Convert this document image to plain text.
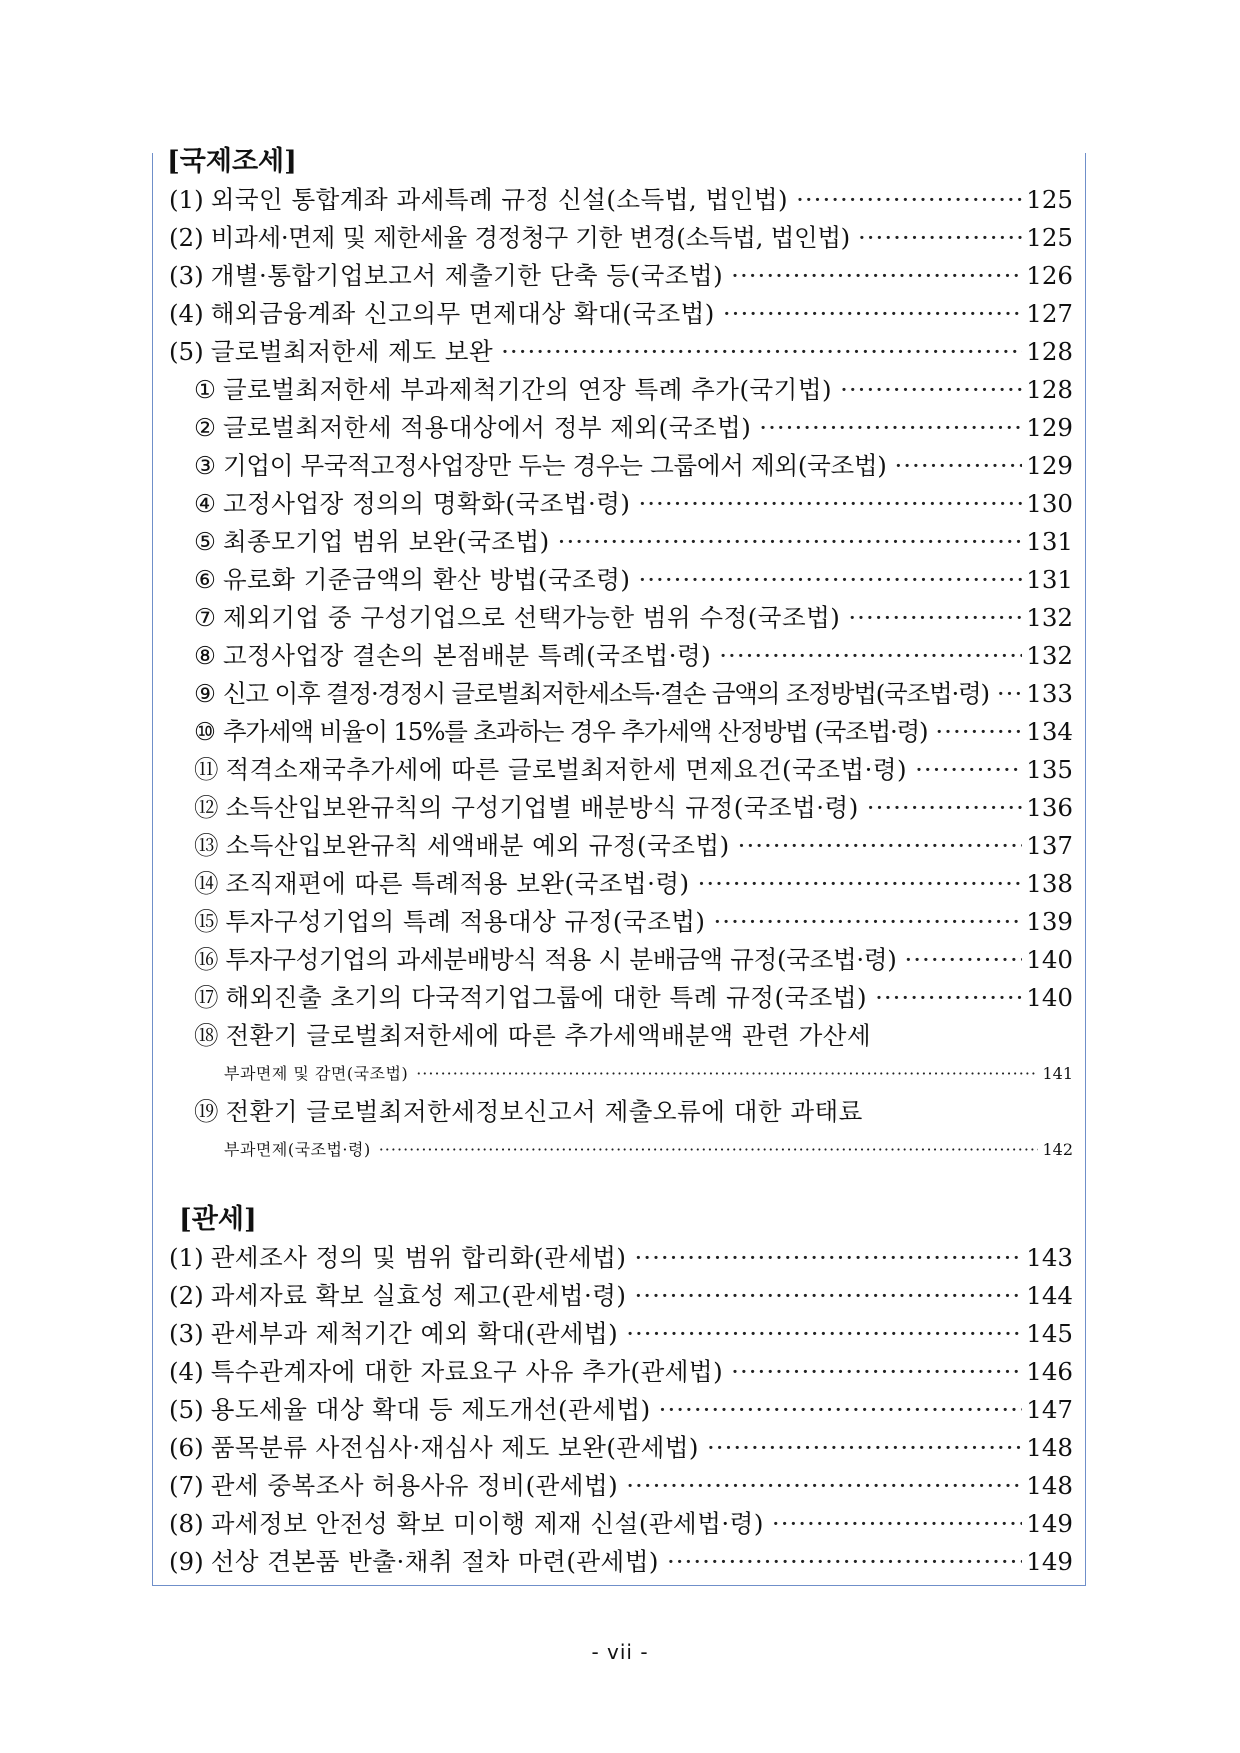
[국제조세]
(1) 외국인 통합계좌 과세특례 규정 신설(소득법, 법인법) ·····	125
(2) 비과세·면제 및 제한세율 경정청구 기한 변경(소득법, 법인법) ·····	125
(3) 개별·통합기업보고서 제출기한 단축 등(국조법) ·····	126
(4) 해외금융계좌 신고의무 면제대상 확대(국조법) ·····	127
(5) 글로벌최저한세 제도 보완 ·····	128
① 글로벌최저한세 부과제척기간의 연장 특례 추가(국기법) ·····	128
② 글로벌최저한세 적용대상에서 정부 제외(국조법) ·····	129
③ 기업이 무국적고정사업장만 두는 경우는 그룹에서 제외(국조법) ·····	129
④ 고정사업장 정의의 명확화(국조법·령) ·····	130
⑤ 최종모기업 범위 보완(국조법) ·····	131
⑥ 유로화 기준금액의 환산 방법(국조령) ·····	131
⑦ 제외기업 중 구성기업으로 선택가능한 범위 수정(국조법) ·····	132
⑧ 고정사업장 결손의 본점배분 특례(국조법·령) ·····	132
⑨ 신고 이후 결정·경정시 글로벌최저한세소득·결손 금액의 조정방법(국조법·령) ····· 133
⑩ 추가세액 비율이 15%를 초과하는 경우 추가세액 산정방법 (국조법·령) ·····	134
⑪ 적격소재국추가세에 따른 글로벌최저한세 면제요건(국조법·령) ·····	135
⑫ 소득산입보완규칙의 구성기업별 배분방식 규정(국조법·령) ·····	136
⑬ 소득산입보완규칙 세액배분 예외 규정(국조법) ·····	137
⑭ 조직재편에 따른 특례적용 보완(국조법·령) ·····	138
⑮ 투자구성기업의 특례 적용대상 규정(국조법) ·····	139
⑯ 투자구성기업의 과세분배방식 적용 시 분배금액 규정(국조법·령) ·····	140
⑰ 해외진출 초기의 다국적기업그룹에 대한 특례 규정(국조법) ·····	140
⑱ 전환기 글로벌최저한세에 따른 추가세액배분액 관련 가산세
부과면제 및 감면(국조법) ·····	141
⑲ 전환기 글로벌최저한세정보신고서 제출오류에 대한 과태료
부과면제(국조법·령) ·····	142
[관세]
(1) 관세조사 정의 및 범위 합리화(관세법) ·····	143
(2) 과세자료 확보 실효성 제고(관세법·령) ·····	144
(3) 관세부과 제척기간 예외 확대(관세법) ·····	145
(4) 특수관계자에 대한 자료요구 사유 추가(관세법) ·····	146
(5) 용도세율 대상 확대 등 제도개선(관세법) ·····	147
(6) 품목분류 사전심사·재심사 제도 보완(관세법) ·····	148
(7) 관세 중복조사 허용사유 정비(관세법) ·····	148
(8) 과세정보 안전성 확보 미이행 제재 신설(관세법·령) ·····	149
(9) 선상 견본품 반출·채취 절차 마련(관세법) ·····	149
- vii -
